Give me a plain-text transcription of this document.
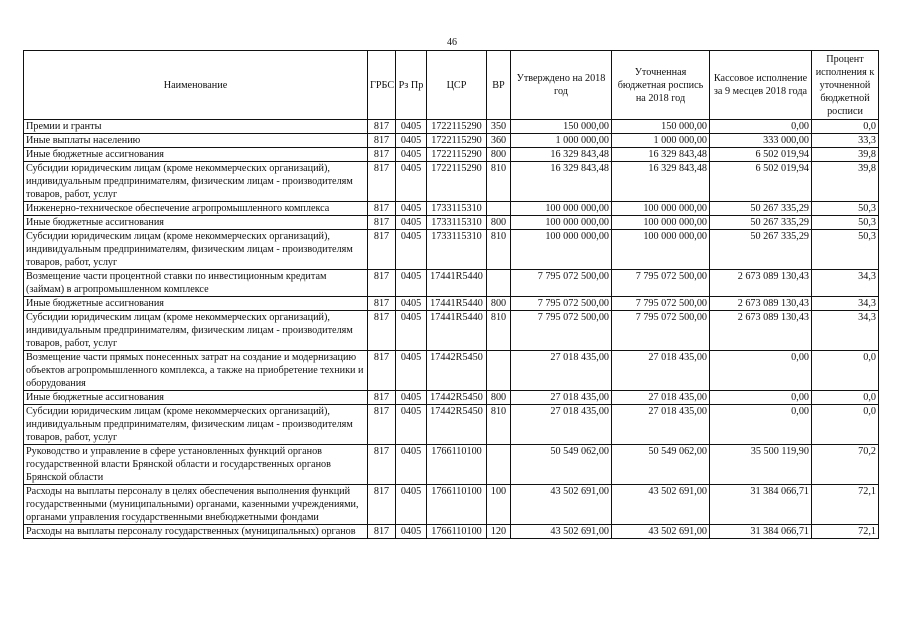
46
Наименование	ГРБС	Рз Пр	ЦСР	ВР	Утверждено на 2018 год	Уточненная бюджетная роспись на 2018 год	Кассовое исполнение за 9 месцев 2018 года	Процент исполнения к уточненной бюджетной росписи
Премии и гранты	817	0405	1722115290	350	150 000,00	150 000,00	0,00	0,0
Иные выплаты населению	817	0405	1722115290	360	1 000 000,00	1 000 000,00	333 000,00	33,3
Иные бюджетные ассигнования	817	0405	1722115290	800	16 329 843,48	16 329 843,48	6 502 019,94	39,8
Субсидии юридическим лицам (кроме некоммерческих организаций), индивидуальным предпринимателям, физическим лицам - производителям товаров, работ, услуг	817	0405	1722115290	810	16 329 843,48	16 329 843,48	6 502 019,94	39,8
Инженерно-техническое обеспечение агропромышленного комплекса	817	0405	1733115310		100 000 000,00	100 000 000,00	50 267 335,29	50,3
Иные бюджетные ассигнования	817	0405	1733115310	800	100 000 000,00	100 000 000,00	50 267 335,29	50,3
Субсидии юридическим лицам (кроме некоммерческих организаций), индивидуальным предпринимателям, физическим лицам - производителям товаров, работ, услуг	817	0405	1733115310	810	100 000 000,00	100 000 000,00	50 267 335,29	50,3
Возмещение части процентной ставки по инвестиционным кредитам (займам) в агропромышленном комплексе	817	0405	17441R5440		7 795 072 500,00	7 795 072 500,00	2 673 089 130,43	34,3
Иные бюджетные ассигнования	817	0405	17441R5440	800	7 795 072 500,00	7 795 072 500,00	2 673 089 130,43	34,3
Субсидии юридическим лицам (кроме некоммерческих организаций), индивидуальным предпринимателям, физическим лицам - производителям товаров, работ, услуг	817	0405	17441R5440	810	7 795 072 500,00	7 795 072 500,00	2 673 089 130,43	34,3
Возмещение части прямых понесенных затрат на создание и модернизацию объектов агропромышленного комплекса, а также на приобретение техники и оборудования	817	0405	17442R5450		27 018 435,00	27 018 435,00	0,00	0,0
Иные бюджетные ассигнования	817	0405	17442R5450	800	27 018 435,00	27 018 435,00	0,00	0,0
Субсидии юридическим лицам (кроме некоммерческих организаций), индивидуальным предпринимателям, физическим лицам - производителям товаров, работ, услуг	817	0405	17442R5450	810	27 018 435,00	27 018 435,00	0,00	0,0
Руководство и управление в сфере установленных функций органов государственной власти Брянской области и государственных органов Брянской области	817	0405	1766110100		50 549 062,00	50 549 062,00	35 500 119,90	70,2
Расходы на выплаты персоналу в целях обеспечения выполнения функций государственными (муниципальными) органами, казенными учреждениями, органами управления государственными внебюджетными фондами	817	0405	1766110100	100	43 502 691,00	43 502 691,00	31 384 066,71	72,1
Расходы на выплаты персоналу государственных (муниципальных) органов	817	0405	1766110100	120	43 502 691,00	43 502 691,00	31 384 066,71	72,1
